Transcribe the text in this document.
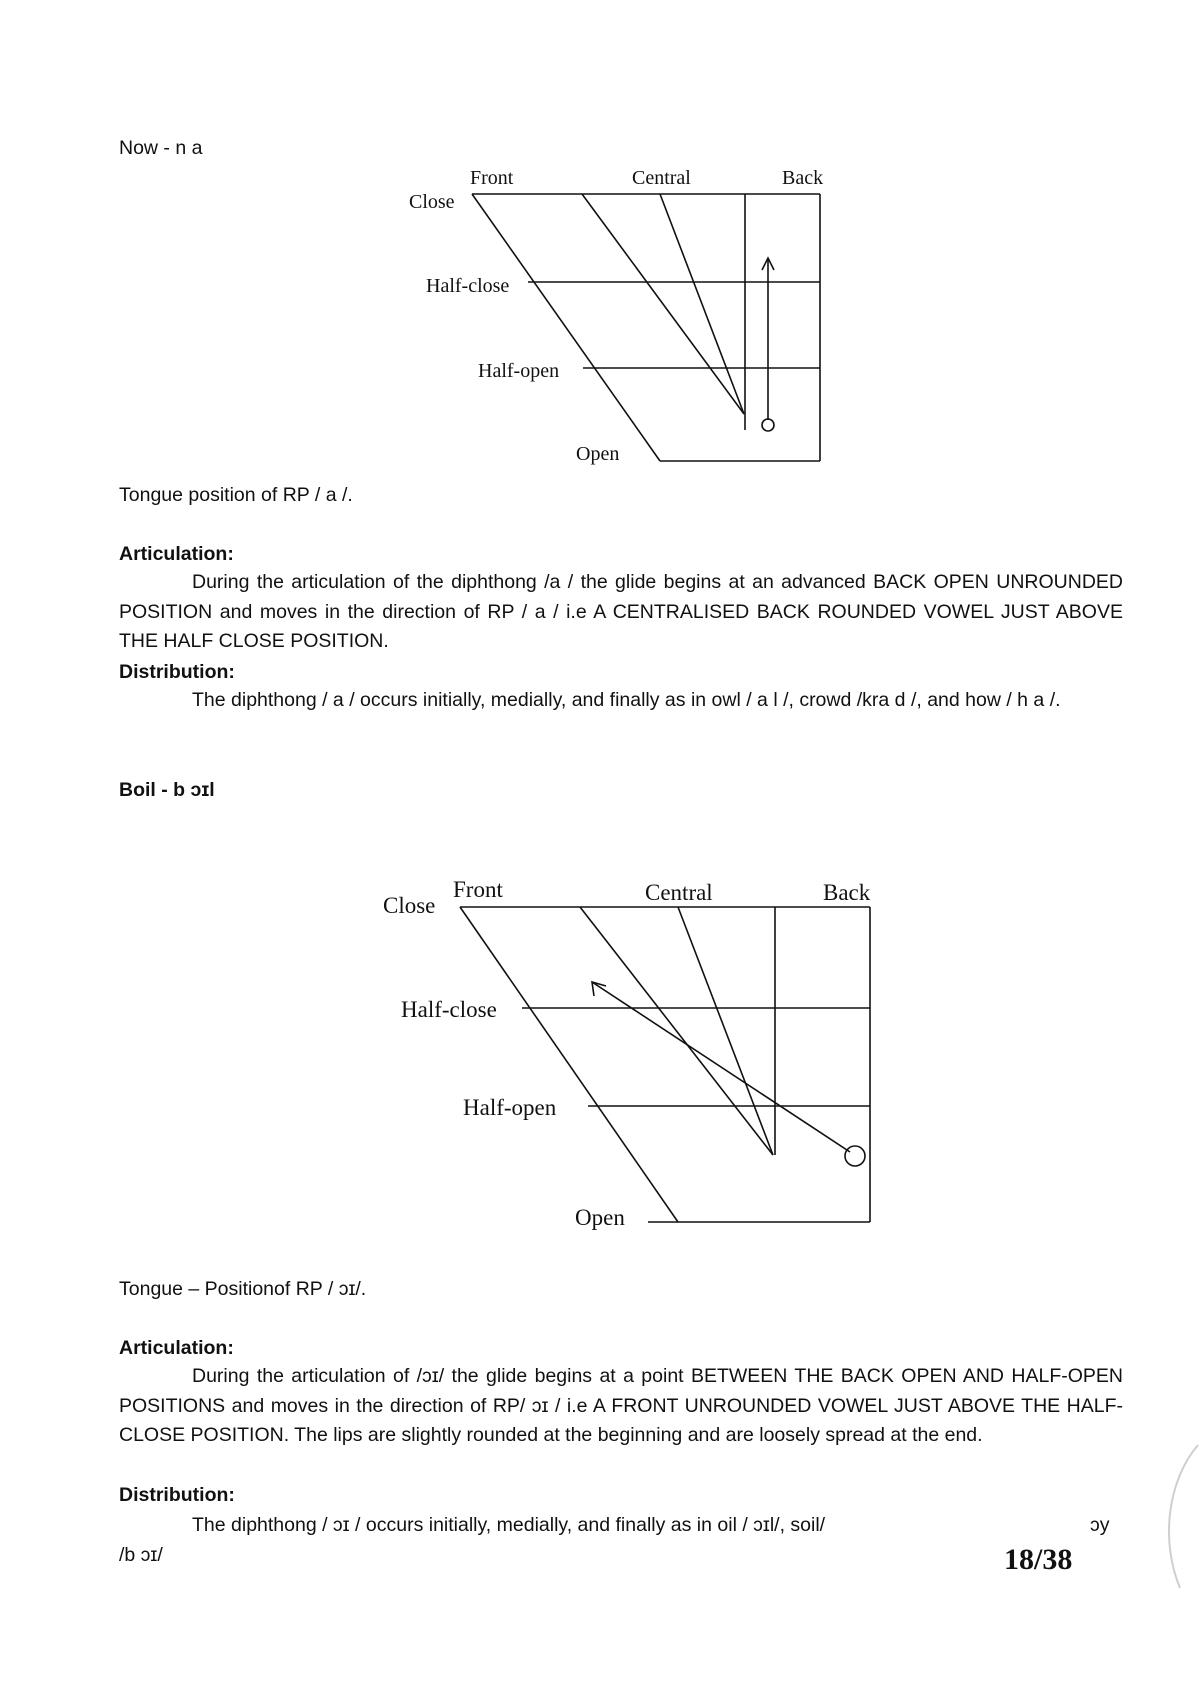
Now - n a
Front	Central	Back
Close
Half-close
Half-open
Open
Tongue position of RP / a /.
Articulation:
During the articulation of the diphthong /a / the glide begins at an advanced BACK OPEN UNROUNDED POSITION and moves in the direction of RP / a / i.e A CENTRALISED BACK ROUNDED VOWEL JUST ABOVE THE HALF CLOSE POSITION.
Distribution:
The diphthong / a / occurs initially, medially, and finally as in owl / a l /, crowd /kra d /, and how / h a /.
Boil - b ɔɪl
Front	Central	Back
Close
Half-close
Half-open
Open
Tongue – Positionof RP / ɔɪ/.
Articulation:
During the articulation of /ɔɪ/ the glide begins at a point BETWEEN THE BACK OPEN AND HALF-OPEN POSITIONS and moves in the direction of RP/ ɔɪ / i.e A FRONT UNROUNDED VOWEL JUST ABOVE THE HALF-CLOSE POSITION. The lips are slightly rounded at the beginning and are loosely spread at the end.
Distribution:
The diphthong / ɔɪ / occurs initially, medially, and finally as in oil / ɔɪl/, soil/	ɔy
/b ɔɪ/	18/38
